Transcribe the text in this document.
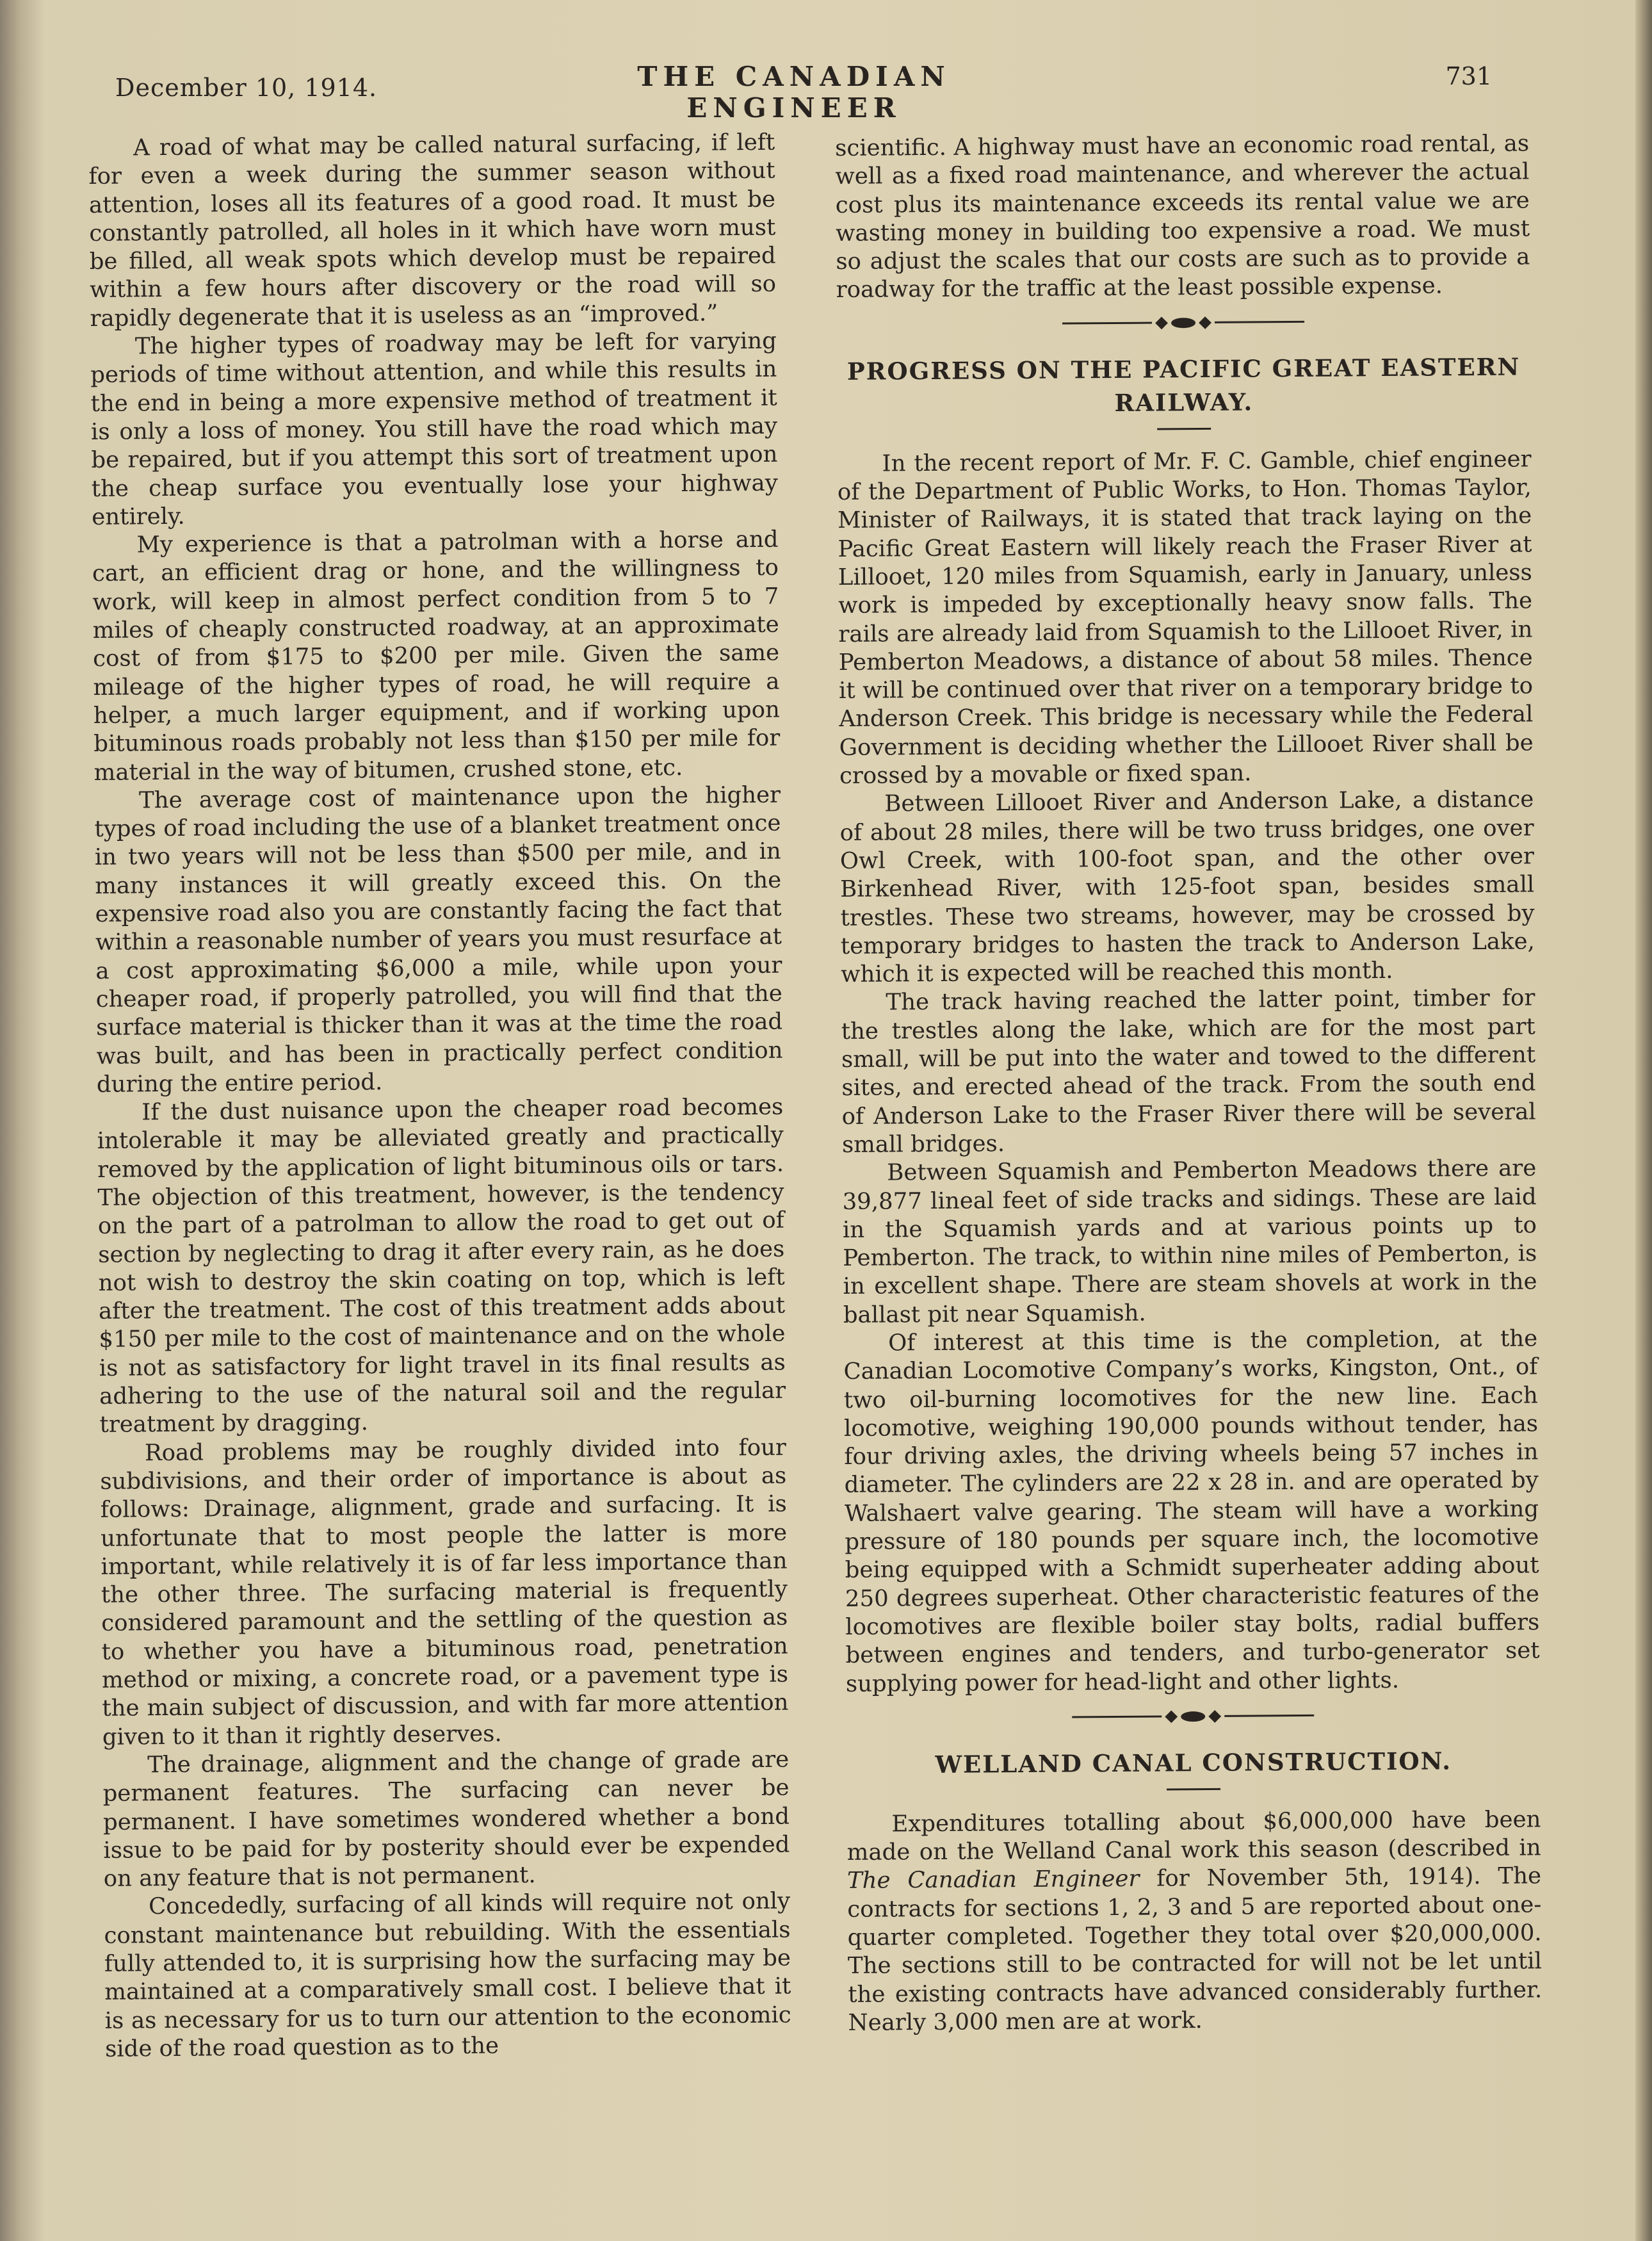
December 10, 1914.	THE CANADIAN ENGINEER
731

A road of what may be called natural surfacing, if left for even a week during the summer season without attention, loses all its features of a good road. It must be constantly patrolled, all holes in it which have worn must be filled, all weak spots which develop must be repaired within a few hours after discovery or the road will so rapidly degenerate that it is useless as an “improved.”

The higher types of roadway may be left for varying periods of time without attention, and while this results in the end in being a more expensive method of treatment it is only a loss of money. You still have the road which may be repaired, but if you attempt this sort of treatment upon the cheap surface you eventually lose your highway entirely.

My experience is that a patrolman with a horse and cart, an efficient drag or hone, and the willingness to work, will keep in almost perfect condition from 5 to 7 miles of cheaply constructed roadway, at an approximate cost of from $175 to $200 per mile. Given the same mileage of the higher types of road, he will require a helper, a much larger equipment, and if working upon bituminous roads probably not less than $150 per mile for material in the way of bitumen, crushed stone, etc.

The average cost of maintenance upon the higher types of road including the use of a blanket treatment once in two years will not be less than $500 per mile, and in many instances it will greatly exceed this. On the expensive road also you are constantly facing the fact that within a reasonable number of years you must resurface at a cost approximating $6,000 a mile, while upon your cheaper road, if properly patrolled, you will find that the surface material is thicker than it was at the time the road was built, and has been in practically perfect condition during the entire period.

If the dust nuisance upon the cheaper road becomes intolerable it may be alleviated greatly and practically removed by the application of light bituminous oils or tars. The objection of this treatment, however, is the tendency on the part of a patrolman to allow the road to get out of section by neglecting to drag it after every rain, as he does not wish to destroy the skin coating on top, which is left after the treatment. The cost of this treatment adds about $150 per mile to the cost of maintenance and on the whole is not as satisfactory for light travel in its final results as adhering to the use of the natural soil and the regular treatment by dragging.

Road problems may be roughly divided into four subdivisions, and their order of importance is about as follows: Drainage, alignment, grade and surfacing. It is unfortunate that to most people the latter is more important, while relatively it is of far less importance than the other three. The surfacing material is frequently considered paramount and the settling of the question as to whether you have a bituminous road, penetration method or mixing, a concrete road, or a pavement type is the main subject of discussion, and with far more attention given to it than it rightly deserves.

The drainage, alignment and the change of grade are permanent features. The surfacing can never be permanent. I have sometimes wondered whether a bond issue to be paid for by posterity should ever be expended on any feature that is not permanent.

Concededly, surfacing of all kinds will require not only constant maintenance but rebuilding. With the essentials fully attended to, it is surprising how the surfacing may be maintained at a comparatively small cost. I believe that it is as necessary for us to turn our attention to the economic side of the road question as to the

scientific. A highway must have an economic road rental, as well as a fixed road maintenance, and wherever the actual cost plus its maintenance exceeds its rental value we are wasting money in building too expensive a road. We must so adjust the scales that our costs are such as to provide a roadway for the traffic at the least possible expense.

PROGRESS ON THE PACIFIC GREAT EASTERN
RAILWAY.

In the recent report of Mr. F. C. Gamble, chief engineer of the Department of Public Works, to Hon. Thomas Taylor, Minister of Railways, it is stated that track laying on the Pacific Great Eastern will likely reach the Fraser River at Lillooet, 120 miles from Squamish, early in January, unless work is impeded by exceptionally heavy snow falls. The rails are already laid from Squamish to the Lillooet River, in Pemberton Meadows, a distance of about 58 miles. Thence it will be continued over that river on a temporary bridge to Anderson Creek. This bridge is necessary while the Federal Government is deciding whether the Lillooet River shall be crossed by a movable or fixed span.

Between Lillooet River and Anderson Lake, a distance of about 28 miles, there will be two truss bridges, one over Owl Creek, with 100-foot span, and the other over Birkenhead River, with 125-foot span, besides small trestles. These two streams, however, may be crossed by temporary bridges to hasten the track to Anderson Lake, which it is expected will be reached this month.

The track having reached the latter point, timber for the trestles along the lake, which are for the most part small, will be put into the water and towed to the different sites, and erected ahead of the track. From the south end of Anderson Lake to the Fraser River there will be several small bridges.

Between Squamish and Pemberton Meadows there are 39,877 lineal feet of side tracks and sidings. These are laid in the Squamish yards and at various points up to Pemberton. The track, to within nine miles of Pemberton, is in excellent shape. There are steam shovels at work in the ballast pit near Squamish.

Of interest at this time is the completion, at the Canadian Locomotive Company’s works, Kingston, Ont., of two oil-burning locomotives for the new line. Each locomotive, weighing 190,000 pounds without tender, has four driving axles, the driving wheels being 57 inches in diameter. The cylinders are 22 x 28 in. and are operated by Walshaert valve gearing. The steam will have a working pressure of 180 pounds per square inch, the locomotive being equipped with a Schmidt superheater adding about 250 degrees superheat. Other characteristic features of the locomotives are flexible boiler stay bolts, radial buffers between engines and tenders, and turbo-generator set supplying power for head-light and other lights.

WELLAND CANAL CONSTRUCTION.

Expenditures totalling about $6,000,000 have been made on the Welland Canal work this season (described in The Canadian Engineer for November 5th, 1914). The contracts for sections 1, 2, 3 and 5 are reported about one-quarter completed. Together they total over $20,000,000. The sections still to be contracted for will not be let until the existing contracts have advanced considerably further. Nearly 3,000 men are at work.
